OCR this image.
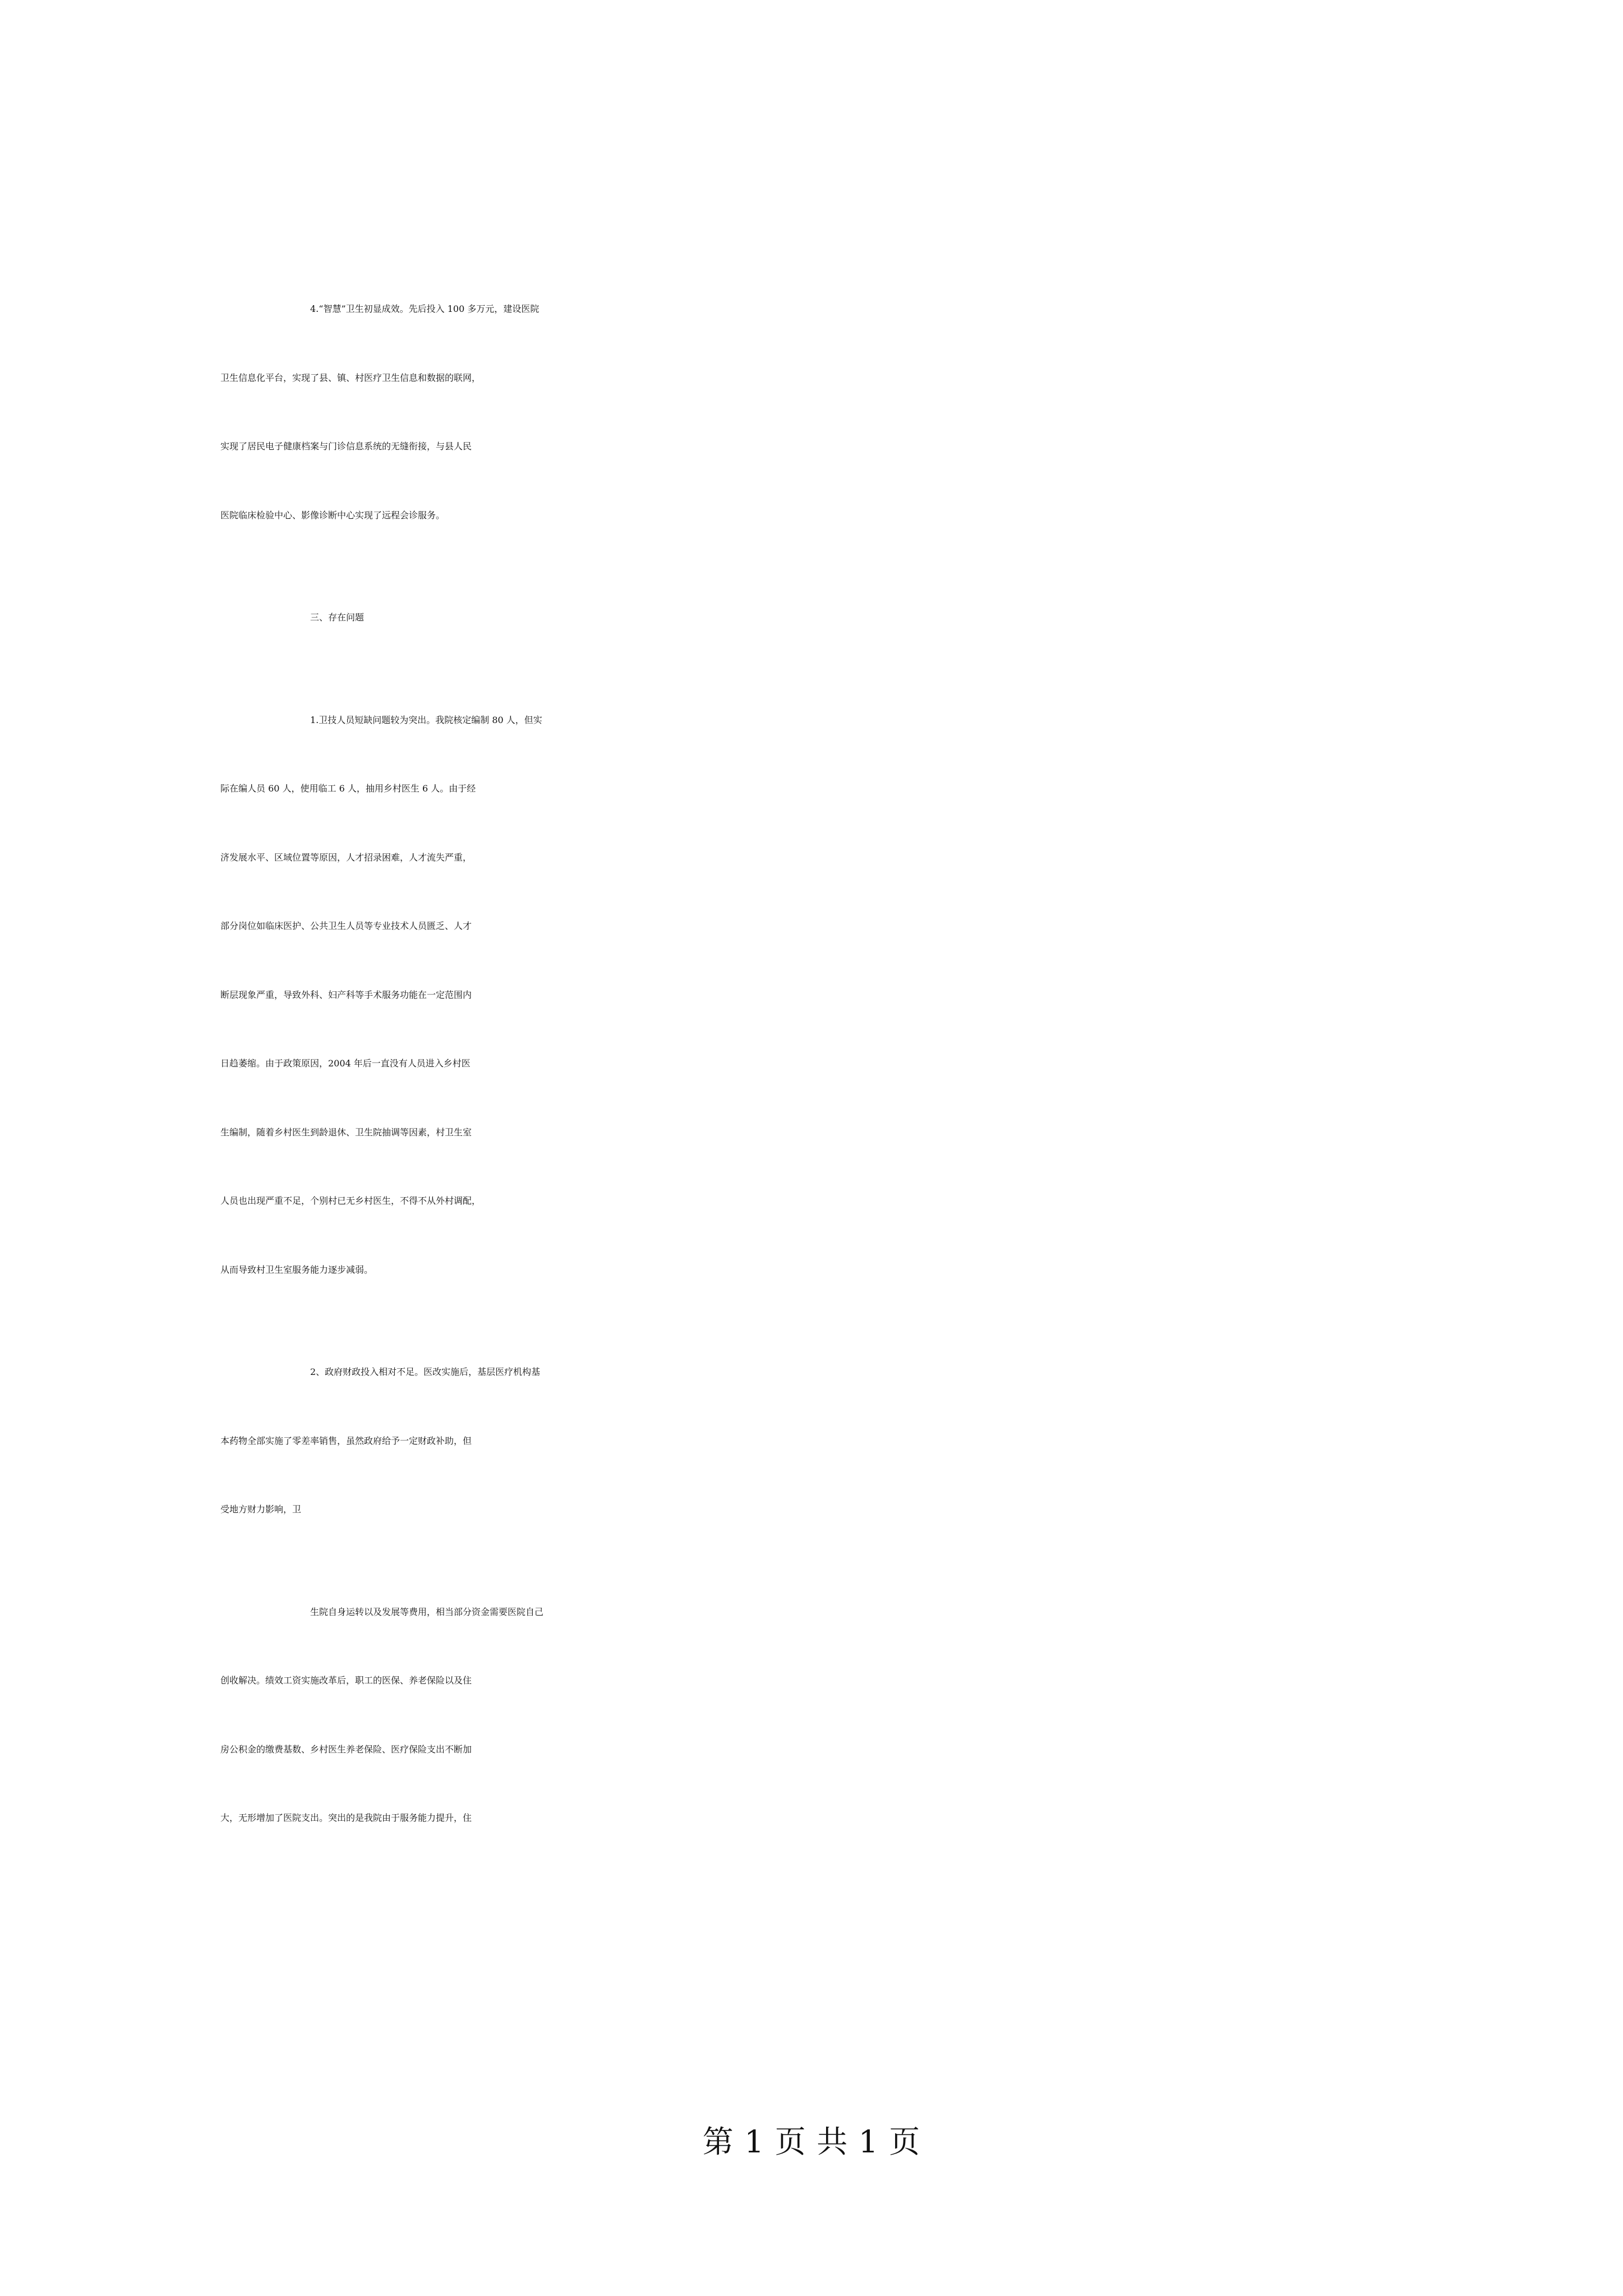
4.“智慧”卫生初显成效。先后投入 100 多万元，建设医院
卫生信息化平台，实现了县、镇、村医疗卫生信息和数据的联网，
实现了居民电子健康档案与门诊信息系统的无缝衔接，与县人民
医院临床检验中心、影像诊断中心实现了远程会诊服务。
三、存在问题
1.卫技人员短缺问题较为突出。我院核定编制 80 人，但实
际在编人员 60 人，使用临工 6 人，抽用乡村医生 6 人。由于经
济发展水平、区域位置等原因，人才招录困难，人才流失严重，
部分岗位如临床医护、公共卫生人员等专业技术人员匮乏、人才
断层现象严重，导致外科、妇产科等手术服务功能在一定范围内
日趋萎缩。由于政策原因，2004 年后一直没有人员进入乡村医
生编制，随着乡村医生到龄退休、卫生院抽调等因素，村卫生室
人员也出现严重不足，个别村已无乡村医生，不得不从外村调配，
从而导致村卫生室服务能力逐步减弱。
2、政府财政投入相对不足。医改实施后，基层医疗机构基
本药物全部实施了零差率销售，虽然政府给予一定财政补助，但
受地方财力影响，卫
生院自身运转以及发展等费用，相当部分资金需要医院自己
创收解决。绩效工资实施改革后，职工的医保、养老保险以及住
房公积金的缴费基数、乡村医生养老保险、医疗保险支出不断加
大，无形增加了医院支出。突出的是我院由于服务能力提升，住
第 1 页 共 1 页
